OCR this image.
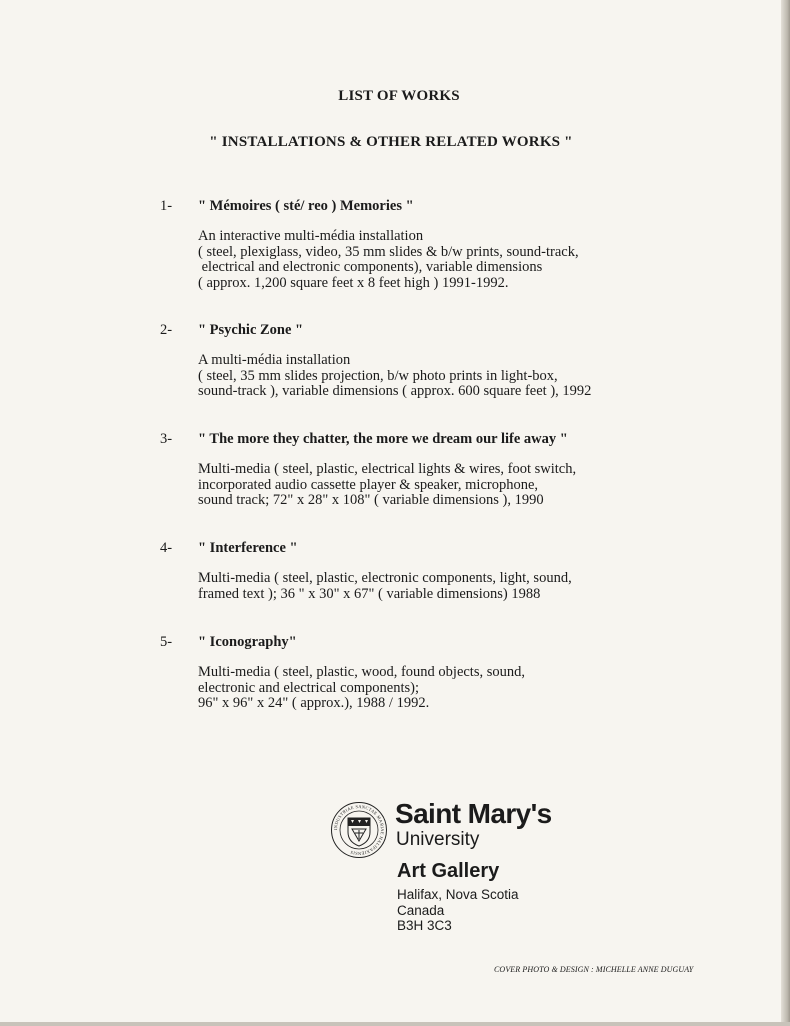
LIST OF WORKS
" INSTALLATIONS & OTHER RELATED WORKS "
1- " Mémoires ( sté/ reo ) Memories "
An interactive multi-média installation
( steel, plexiglass, video, 35 mm slides & b/w prints, sound-track,
electrical and electronic components), variable dimensions
( approx. 1,200 square feet x 8 feet high ) 1991-1992.
2- " Psychic Zone "
A multi-média installation
( steel, 35 mm slides projection, b/w photo prints in light-box,
sound-track ), variable dimensions ( approx. 600 square feet ), 1992
3- " The more they chatter, the more we dream our life away "
Multi-media ( steel, plastic, electrical lights & wires, foot switch,
incorporated audio cassette player & speaker, microphone,
sound track; 72" x 28" x 108" ( variable dimensions ), 1990
4- " Interference "
Multi-media ( steel, plastic, electronic components, light, sound,
framed text ); 36 " x 30" x 67" ( variable dimensions) 1988
5- " Iconography"
Multi-media ( steel, plastic, wood, found objects, sound,
electronic and electrical components);
96" x 96" x 24" ( approx.), 1988 / 1992.
INDUSTRIAE SANCTAE MARIAE HALIFAXIENSIS
Saint Mary's
University
Art Gallery
Halifax, Nova Scotia
Canada
B3H 3C3
COVER PHOTO & DESIGN : MICHELLE ANNE DUGUAY
